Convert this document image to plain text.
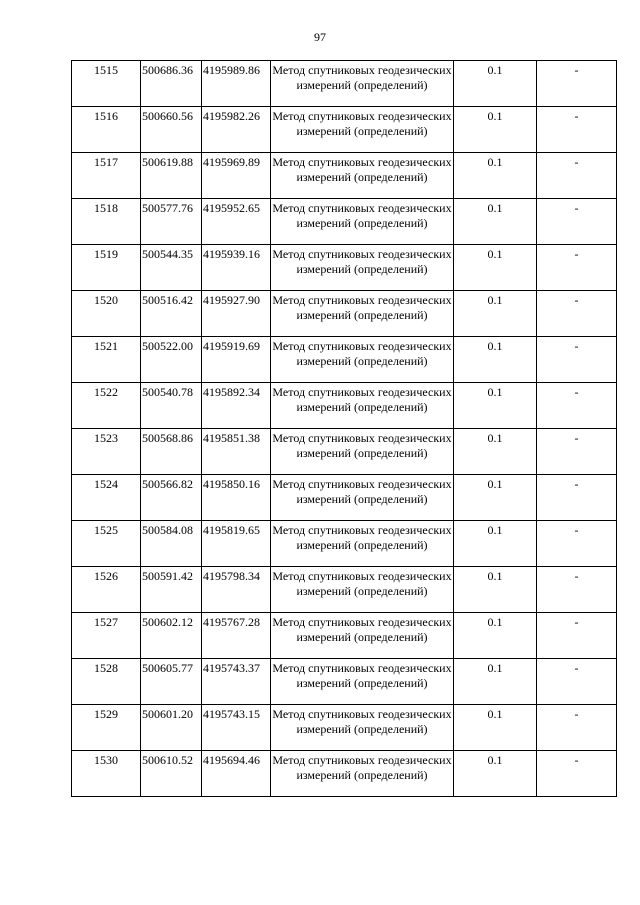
97
1515	500686.36	4195989.86	Метод спутниковых геодезических измерений (определений)	0.1	-
1516	500660.56	4195982.26	Метод спутниковых геодезических измерений (определений)	0.1	-
1517	500619.88	4195969.89	Метод спутниковых геодезических измерений (определений)	0.1	-
1518	500577.76	4195952.65	Метод спутниковых геодезических измерений (определений)	0.1	-
1519	500544.35	4195939.16	Метод спутниковых геодезических измерений (определений)	0.1	-
1520	500516.42	4195927.90	Метод спутниковых геодезических измерений (определений)	0.1	-
1521	500522.00	4195919.69	Метод спутниковых геодезических измерений (определений)	0.1	-
1522	500540.78	4195892.34	Метод спутниковых геодезических измерений (определений)	0.1	-
1523	500568.86	4195851.38	Метод спутниковых геодезических измерений (определений)	0.1	-
1524	500566.82	4195850.16	Метод спутниковых геодезических измерений (определений)	0.1	-
1525	500584.08	4195819.65	Метод спутниковых геодезических измерений (определений)	0.1	-
1526	500591.42	4195798.34	Метод спутниковых геодезических измерений (определений)	0.1	-
1527	500602.12	4195767.28	Метод спутниковых геодезических измерений (определений)	0.1	-
1528	500605.77	4195743.37	Метод спутниковых геодезических измерений (определений)	0.1	-
1529	500601.20	4195743.15	Метод спутниковых геодезических измерений (определений)	0.1	-
1530	500610.52	4195694.46	Метод спутниковых геодезических измерений (определений)	0.1	-
